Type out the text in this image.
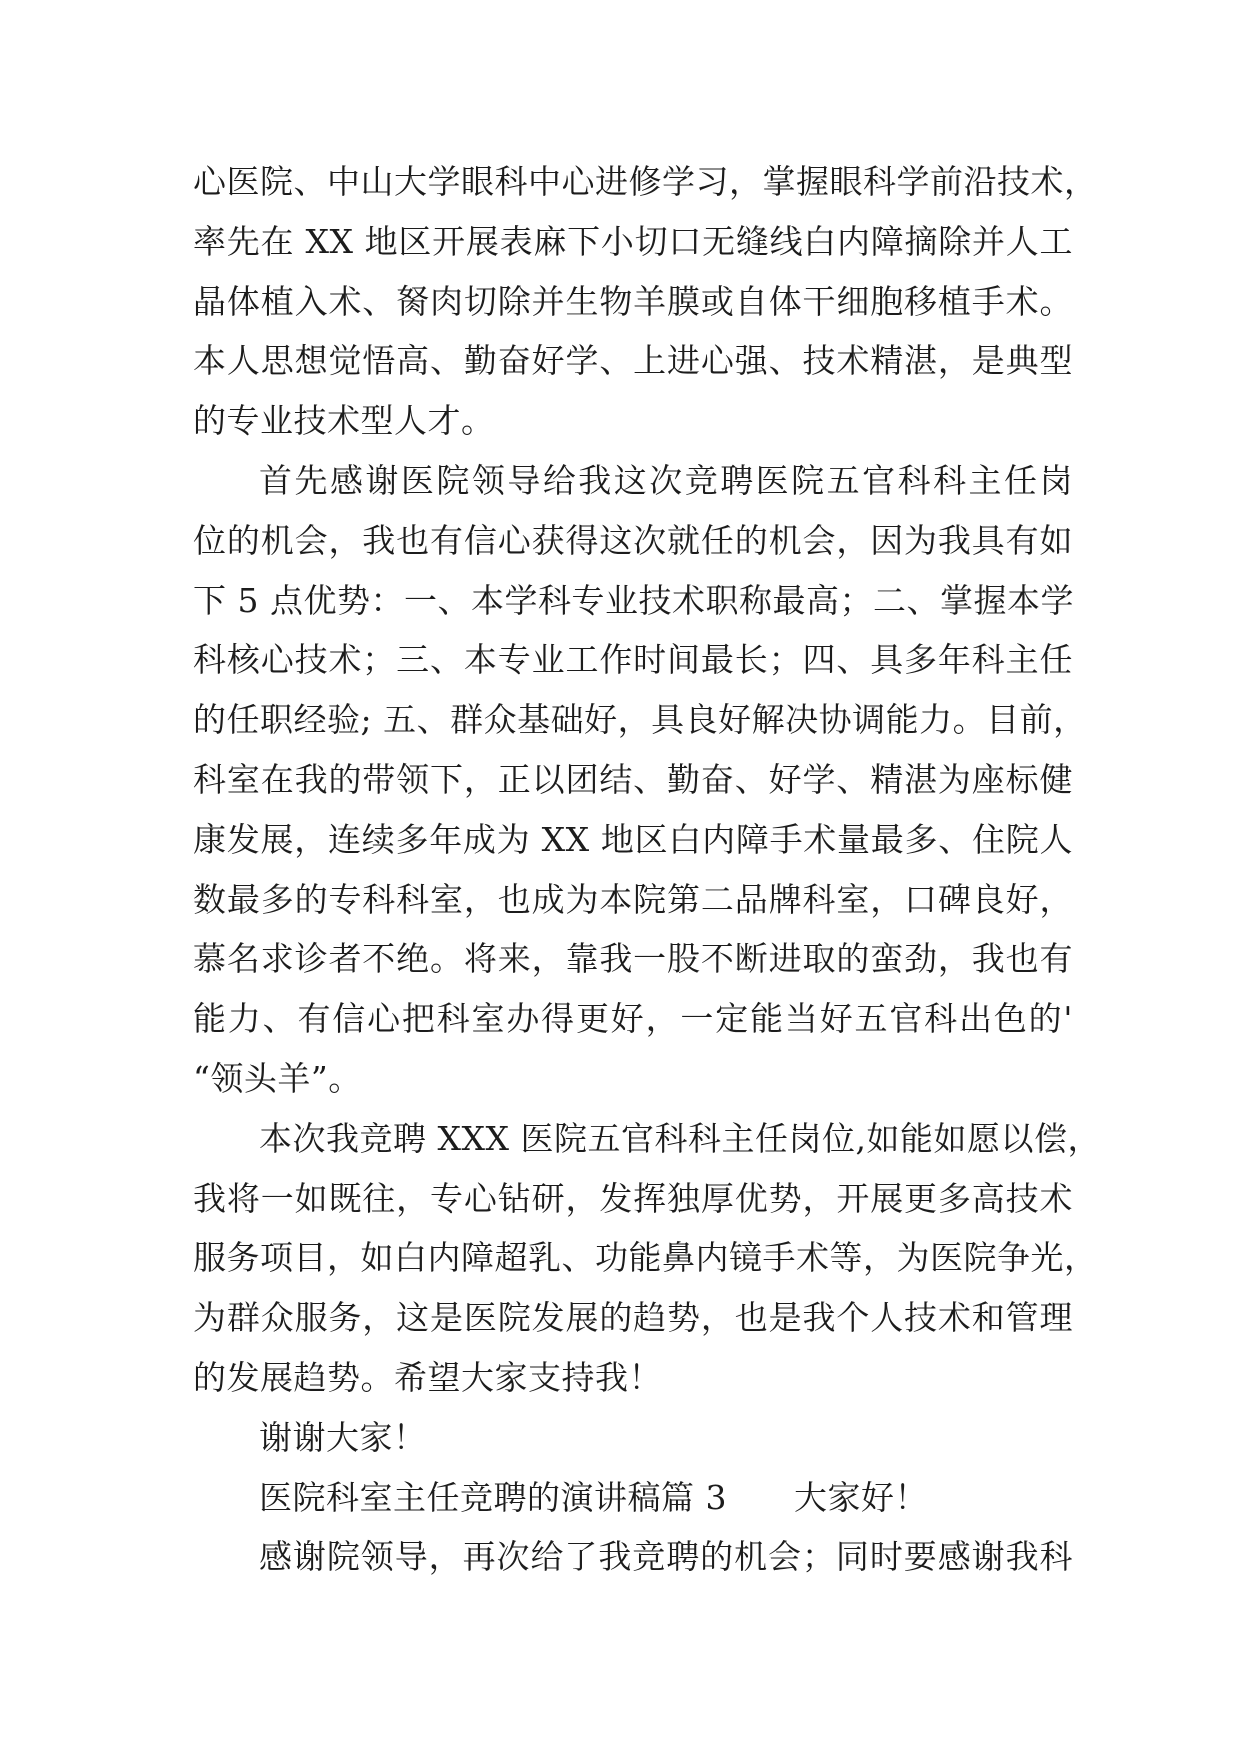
心医院、中山大学眼科中心进修学习，掌握眼科学前沿技术，
率先在 XX 地区开展表麻下小切口无缝线白内障摘除并人工
晶体植入术、胬肉切除并生物羊膜或自体干细胞移植手术。
本人思想觉悟高、勤奋好学、上进心强、技术精湛，是典型
的专业技术型人才。
首先感谢医院领导给我这次竞聘医院五官科科主任岗
位的机会，我也有信心获得这次就任的机会，因为我具有如
下 5 点优势：一、本学科专业技术职称最高；二、掌握本学
科核心技术；三、本专业工作时间最长；四、具多年科主任
的任职经验; 五、群众基础好，具良好解决协调能力。目前，
科室在我的带领下，正以团结、勤奋、好学、精湛为座标健
康发展，连续多年成为 XX 地区白内障手术量最多、住院人
数最多的专科科室，也成为本院第二品牌科室，口碑良好，
慕名求诊者不绝。将来，靠我一股不断进取的蛮劲，我也有
能力、有信心把科室办得更好，一定能当好五官科出色的'
“领头羊”。
本次我竞聘 XXX 医院五官科科主任岗位,如能如愿以偿，
我将一如既往，专心钻研，发挥独厚优势，开展更多高技术
服务项目，如白内障超乳、功能鼻内镜手术等，为医院争光，
为群众服务，这是医院发展的趋势，也是我个人技术和管理
的发展趋势。希望大家支持我！
谢谢大家！
医院科室主任竞聘的演讲稿篇 3　　大家好！
感谢院领导，再次给了我竞聘的机会；同时要感谢我科
